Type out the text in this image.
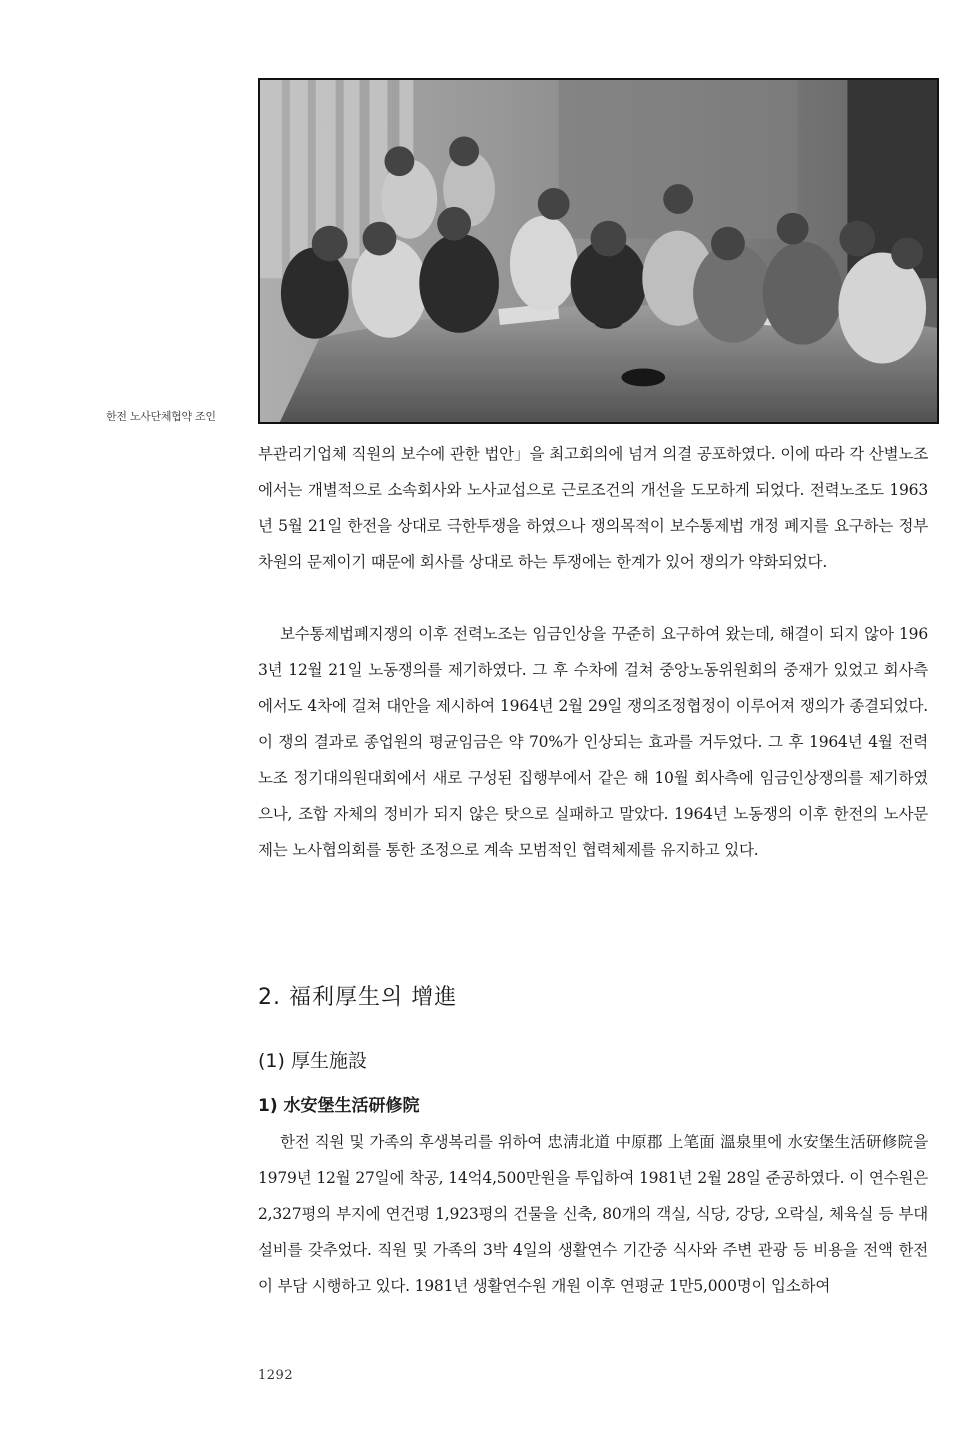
한전 노사단체협약 조인

부관리기업체 직원의 보수에 관한 법안」을 최고회의에 넘겨 의결 공포하였다. 이에 따라 각 산별노조에서는 개별적으로 소속회사와 노사교섭으로 근로조건의 개선을 도모하게 되었다. 전력노조도 1963년 5월 21일 한전을 상대로 극한투쟁을 하였으나 쟁의목적이 보수통제법 개정 폐지를 요구하는 정부차원의 문제이기 때문에 회사를 상대로 하는 투쟁에는 한계가 있어 쟁의가 약화되었다.

보수통제법폐지쟁의 이후 전력노조는 임금인상을 꾸준히 요구하여 왔는데, 해결이 되지 않아 1963년 12월 21일 노동쟁의를 제기하였다. 그 후 수차에 걸쳐 중앙노동위원회의 중재가 있었고 회사측에서도 4차에 걸쳐 대안을 제시하여 1964년 2월 29일 쟁의조정협정이 이루어져 쟁의가 종결되었다. 이 쟁의 결과로 종업원의 평균임금은 약 70%가 인상되는 효과를 거두었다. 그 후 1964년 4월 전력노조 정기대의원대회에서 새로 구성된 집행부에서 같은 해 10월 회사측에 임금인상쟁의를 제기하였으나, 조합 자체의 정비가 되지 않은 탓으로 실패하고 말았다. 1964년 노동쟁의 이후 한전의 노사문제는 노사협의회를 통한 조정으로 계속 모범적인 협력체제를 유지하고 있다.

2. 福利厚生의 增進
(1) 厚生施設
1) 水安堡生活研修院

한전 직원 및 가족의 후생복리를 위하여 忠淸北道 中原郡 上笔面 溫泉里에 水安堡生活研修院을 1979년 12월 27일에 착공, 14억4,500만원을 투입하여 1981년 2월 28일 준공하였다. 이 연수원은 2,327평의 부지에 연건평 1,923평의 건물을 신축, 80개의 객실, 식당, 강당, 오락실, 체육실 등 부대설비를 갖추었다. 직원 및 가족의 3박 4일의 생활연수 기간중 식사와 주변 관광 등 비용을 전액 한전이 부담 시행하고 있다. 1981년 생활연수원 개원 이후 연평균 1만5,000명이 입소하여

1292
